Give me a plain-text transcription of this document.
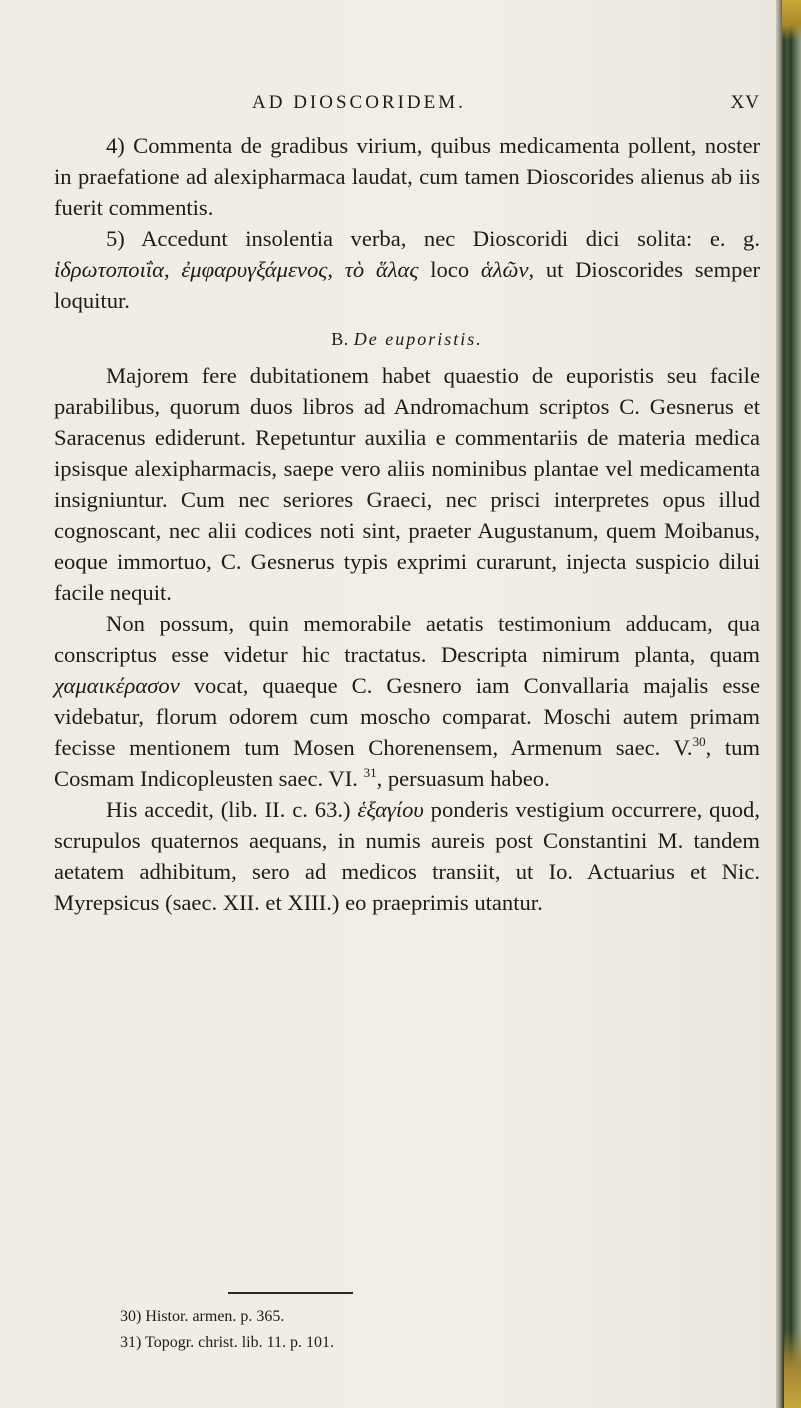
AD DIOSCORIDEM.	XV

4) Commenta de gradibus virium, quibus medicamenta pollent, noster in praefatione ad alexipharmaca laudat, cum tamen Dioscorides alienus ab iis fuerit commentis.

5) Accedunt insolentia verba, nec Dioscoridi dici solita: e. g. ἱδρωτοποιΐα, ἐμφαρυγξάμενος, τὸ ἅλας loco ἁλῶν, ut Dioscorides semper loquitur.

B. De euporistis.

Majorem fere dubitationem habet quaestio de euporistis seu facile parabilibus, quorum duos libros ad Andromachum scriptos C. Gesnerus et Saracenus ediderunt. Repetuntur auxilia e commentariis de materia medica ipsisque alexipharmacis, saepe vero aliis nominibus plantae vel medicamenta insigniuntur. Cum nec seriores Graeci, nec prisci interpretes opus illud cognoscant, nec alii codices noti sint, praeter Augustanum, quem Moibanus, eoque immortuo, C. Gesnerus typis exprimi curarunt, injecta suspicio dilui facile nequit.

Non possum, quin memorabile aetatis testimonium adducam, qua conscriptus esse videtur hic tractatus. Descripta nimirum planta, quam χαμαικέρασον vocat, quaeque C. Gesnero iam Convallaria majalis esse videbatur, florum odorem cum moscho comparat. Moschi autem primam fecisse mentionem tum Mosen Chorenensem, Armenum saec. V.$^{30}$, tum Cosmam Indicopleusten saec. VI. $^{31}$, persuasum habeo.

His accedit, (lib. II. c. 63.) ἑξαγίου ponderis vestigium occurrere, quod, scrupulos quaternos aequans, in numis aureis post Constantini M. tandem aetatem adhibitum, sero ad medicos transiit, ut Io. Actuarius et Nic. Myrepsicus (saec. XII. et XIII.) eo praeprimis utantur.

30) Histor. armen. p. 365.
31) Topogr. christ. lib. 11. p. 101.
